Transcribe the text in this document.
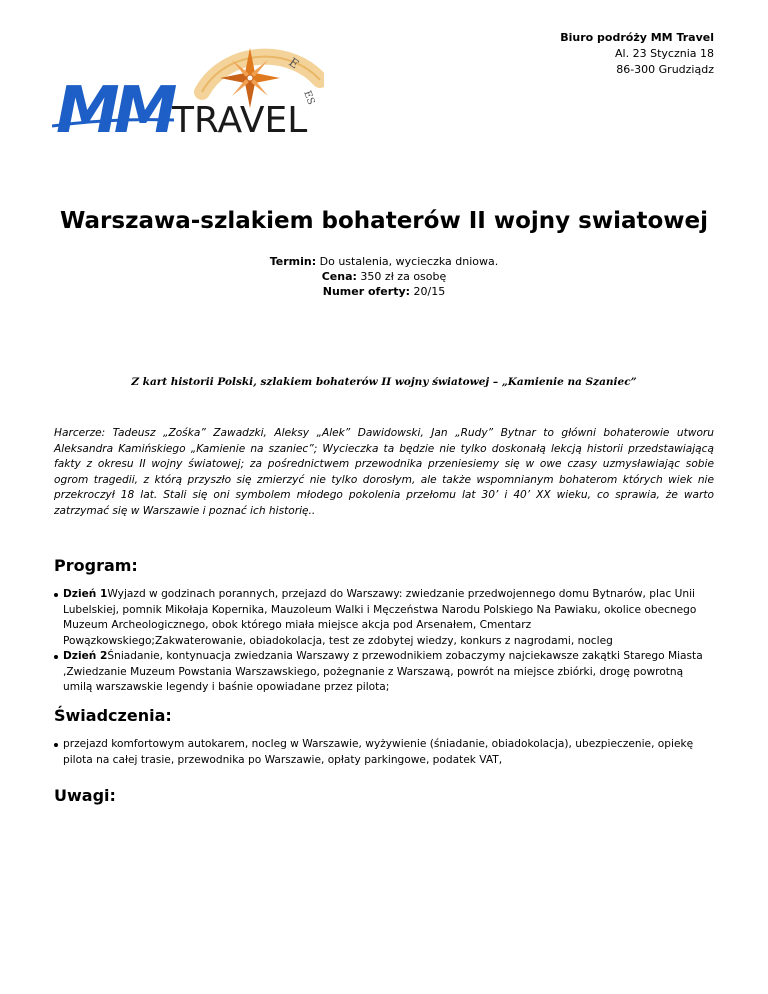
Biuro podróży MM Travel
Al. 23 Stycznia 18
86-300 Grudziądz
E
ES
MM TRAVEL
Warszawa-szlakiem bohaterów II wojny swiatowej
Termin: Do ustalenia, wycieczka dniowa.
Cena: 350 zł za osobę
Numer oferty: 20/15
Z kart historii Polski, szlakiem bohaterów II wojny światowej – „Kamienie na Szaniec”
Harcerze: Tadeusz „Zośka” Zawadzki, Aleksy „Alek” Dawidowski, Jan „Rudy” Bytnar to główni bohaterowie utworu Aleksandra Kamińskiego „Kamienie na szaniec”; Wycieczka ta będzie nie tylko doskonałą lekcją historii przedstawiającą fakty z okresu II wojny światowej; za pośrednictwem przewodnika przeniesiemy się w owe czasy uzmysławiając sobie ogrom tragedii, z którą przyszło się zmierzyć nie tylko dorosłym, ale także wspomnianym bohaterom których wiek nie przekroczył 18 lat. Stali się oni symbolem młodego pokolenia przełomu lat 30’ i 40’ XX wieku, co sprawia, że warto zatrzymać się w Warszawie i poznać ich historię..
Program:
Dzień 1Wyjazd w godzinach porannych, przejazd do Warszawy: zwiedzanie przedwojennego domu Bytnarów, plac Unii Lubelskiej, pomnik Mikołaja Kopernika, Mauzoleum Walki i Męczeństwa Narodu Polskiego Na Pawiaku, okolice obecnego Muzeum Archeologicznego, obok którego miała miejsce akcja pod Arsenałem, Cmentarz Powązkowskiego;Zakwaterowanie, obiadokolacja, test ze zdobytej wiedzy, konkurs z nagrodami, nocleg
Dzień 2Śniadanie, kontynuacja zwiedzania Warszawy z przewodnikiem zobaczymy najciekawsze zakątki Starego Miasta ,Zwiedzanie Muzeum Powstania Warszawskiego, pożegnanie z Warszawą, powrót na miejsce zbiórki, drogę powrotną umilą warszawskie legendy i baśnie opowiadane przez pilota;
Świadczenia:
przejazd komfortowym autokarem, nocleg w Warszawie, wyżywienie (śniadanie, obiadokolacja), ubezpieczenie, opiekę pilota na całej trasie, przewodnika po Warszawie, opłaty parkingowe, podatek VAT,
Uwagi:
